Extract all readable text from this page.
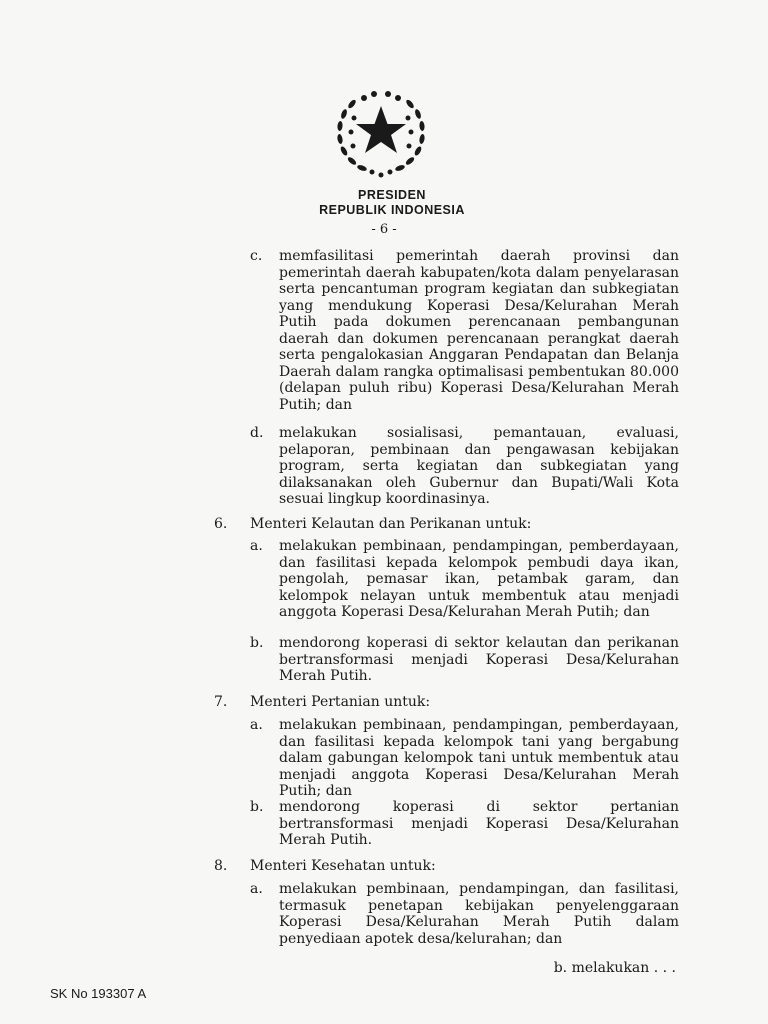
PRESIDEN
REPUBLIK INDONESIA
- 6 -
c. memfasilitasi pemerintah daerah provinsi dan pemerintah daerah kabupaten/kota dalam penyelarasan serta pencantuman program kegiatan dan subkegiatan yang mendukung Koperasi Desa/Kelurahan Merah Putih pada dokumen perencanaan pembangunan daerah dan dokumen perencanaan perangkat daerah serta pengalokasian Anggaran Pendapatan dan Belanja Daerah dalam rangka optimalisasi pembentukan 80.000 (delapan puluh ribu) Koperasi Desa/Kelurahan Merah Putih; dan

d. melakukan sosialisasi, pemantauan, evaluasi, pelaporan, pembinaan dan pengawasan kebijakan program, serta kegiatan dan subkegiatan yang dilaksanakan oleh Gubernur dan Bupati/Wali Kota sesuai lingkup koordinasinya.

6. Menteri Kelautan dan Perikanan untuk:

a. melakukan pembinaan, pendampingan, pemberdayaan, dan fasilitasi kepada kelompok pembudi daya ikan, pengolah, pemasar ikan, petambak garam, dan kelompok nelayan untuk membentuk atau menjadi anggota Koperasi Desa/Kelurahan Merah Putih; dan

b. mendorong koperasi di sektor kelautan dan perikanan bertransformasi menjadi Koperasi Desa/Kelurahan Merah Putih.

7. Menteri Pertanian untuk:

a. melakukan pembinaan, pendampingan, pemberdayaan, dan fasilitasi kepada kelompok tani yang bergabung dalam gabungan kelompok tani untuk membentuk atau menjadi anggota Koperasi Desa/Kelurahan Merah Putih; dan

b. mendorong koperasi di sektor pertanian bertransformasi menjadi Koperasi Desa/Kelurahan Merah Putih.

8. Menteri Kesehatan untuk:

a. melakukan pembinaan, pendampingan, dan fasilitasi, termasuk penetapan kebijakan penyelenggaraan Koperasi Desa/Kelurahan Merah Putih dalam penyediaan apotek desa/kelurahan; dan

b. melakukan . . .
SK No 193307 A
